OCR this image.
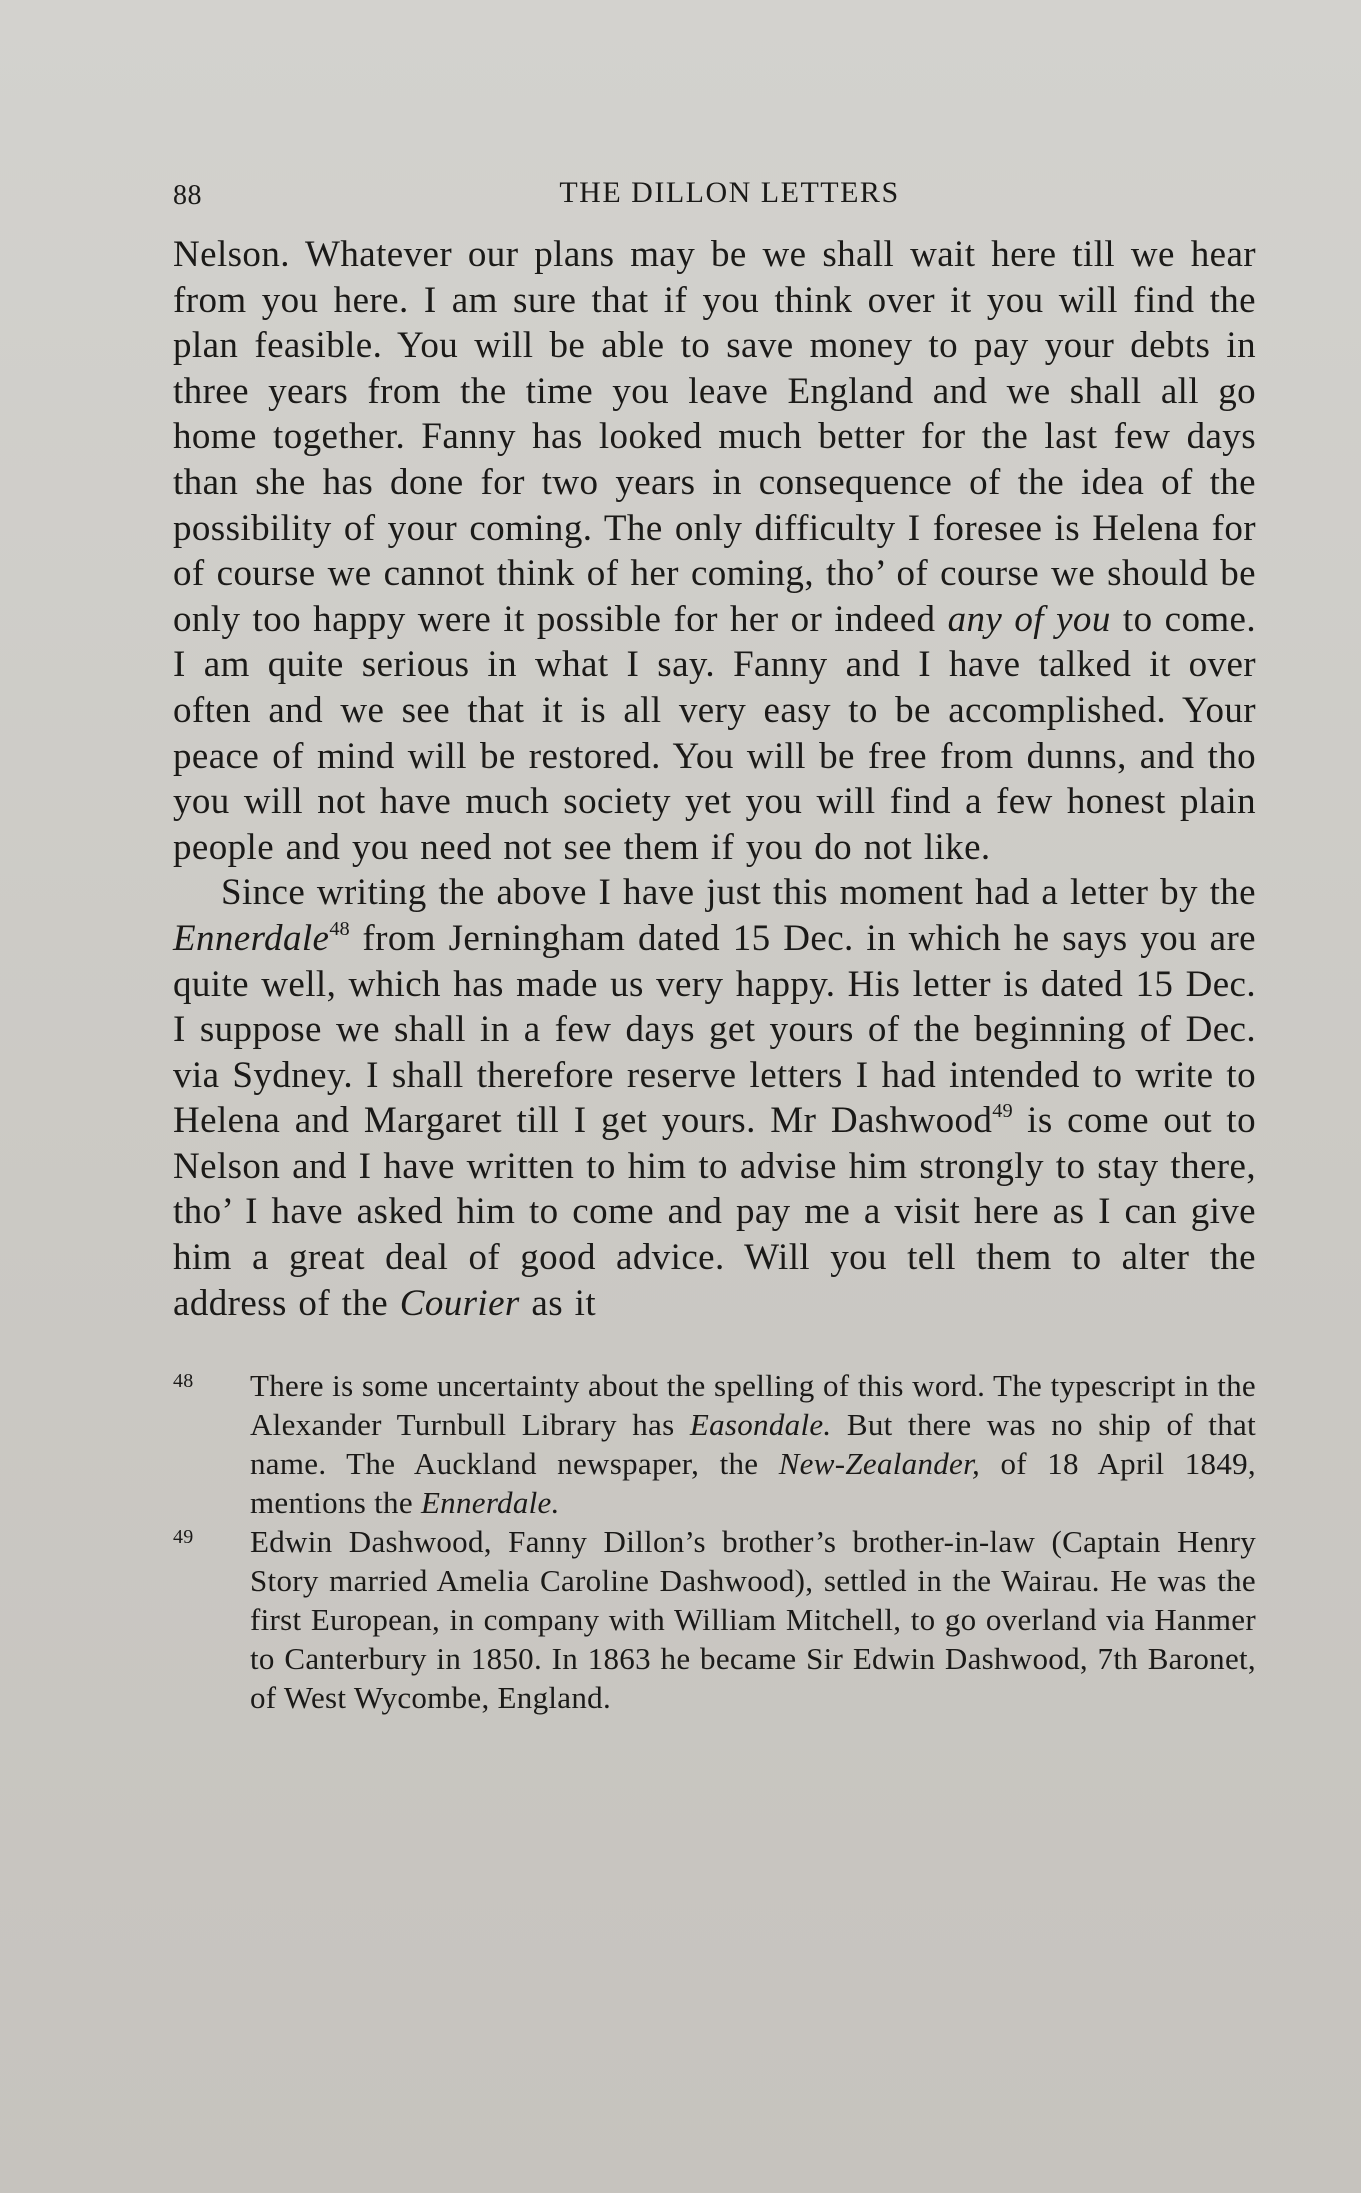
88	THE DILLON LETTERS

Nelson. Whatever our plans may be we shall wait here till we hear from you here. I am sure that if you think over it you will find the plan feasible. You will be able to save money to pay your debts in three years from the time you leave England and we shall all go home together. Fanny has looked much better for the last few days than she has done for two years in consequence of the idea of the possibility of your coming. The only difficulty I foresee is Helena for of course we cannot think of her coming, tho’ of course we should be only too happy were it possible for her or indeed any of you to come. I am quite serious in what I say. Fanny and I have talked it over often and we see that it is all very easy to be accomplished. Your peace of mind will be restored. You will be free from dunns, and tho you will not have much society yet you will find a few honest plain people and you need not see them if you do not like.

Since writing the above I have just this moment had a letter by the Ennerdale$^{48}$ from Jerningham dated 15 Dec. in which he says you are quite well, which has made us very happy. His letter is dated 15 Dec. I suppose we shall in a few days get yours of the beginning of Dec. via Sydney. I shall therefore reserve letters I had intended to write to Helena and Margaret till I get yours. Mr Dashwood$^{49}$ is come out to Nelson and I have written to him to advise him strongly to stay there, tho’ I have asked him to come and pay me a visit here as I can give him a great deal of good advice. Will you tell them to alter the address of the Courier as it

48 There is some uncertainty about the spelling of this word. The typescript in the Alexander Turnbull Library has Easondale. But there was no ship of that name. The Auckland newspaper, the New-Zealander, of 18 April 1849, mentions the Ennerdale.

49 Edwin Dashwood, Fanny Dillon’s brother’s brother-in-law (Captain Henry Story married Amelia Caroline Dashwood), settled in the Wairau. He was the first European, in company with William Mitchell, to go overland via Hanmer to Canterbury in 1850. In 1863 he became Sir Edwin Dashwood, 7th Baronet, of West Wycombe, England.
